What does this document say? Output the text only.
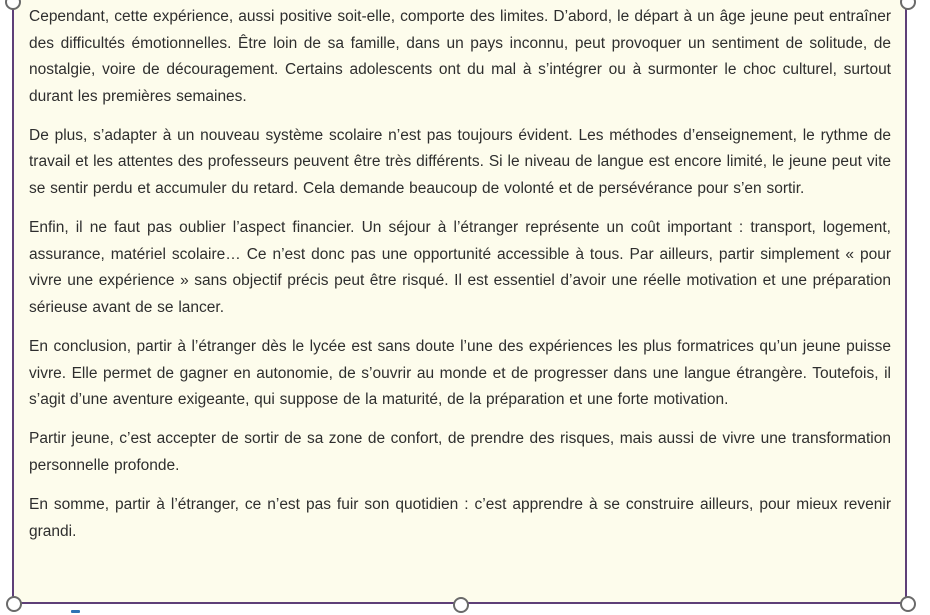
Cependant, cette expérience, aussi positive soit-elle, comporte des limites. D’abord, le départ à un âge jeune peut entraîner des difficultés émotionnelles. Être loin de sa famille, dans un pays inconnu, peut provoquer un sentiment de solitude, de nostalgie, voire de découragement. Certains adolescents ont du mal à s’intégrer ou à surmonter le choc culturel, surtout durant les premières semaines.

De plus, s’adapter à un nouveau système scolaire n’est pas toujours évident. Les méthodes d’enseignement, le rythme de travail et les attentes des professeurs peuvent être très différents. Si le niveau de langue est encore limité, le jeune peut vite se sentir perdu et accumuler du retard. Cela demande beaucoup de volonté et de persévérance pour s’en sortir.

Enfin, il ne faut pas oublier l’aspect financier. Un séjour à l’étranger représente un coût important : transport, logement, assurance, matériel scolaire… Ce n’est donc pas une opportunité accessible à tous. Par ailleurs, partir simplement « pour vivre une expérience » sans objectif précis peut être risqué. Il est essentiel d’avoir une réelle motivation et une préparation sérieuse avant de se lancer.

En conclusion, partir à l’étranger dès le lycée est sans doute l’une des expériences les plus formatrices qu’un jeune puisse vivre. Elle permet de gagner en autonomie, de s’ouvrir au monde et de progresser dans une langue étrangère. Toutefois, il s’agit d’une aventure exigeante, qui suppose de la maturité, de la préparation et une forte motivation.

Partir jeune, c’est accepter de sortir de sa zone de confort, de prendre des risques, mais aussi de vivre une transformation personnelle profonde.

En somme, partir à l’étranger, ce n’est pas fuir son quotidien : c’est apprendre à se construire ailleurs, pour mieux revenir grandi.
